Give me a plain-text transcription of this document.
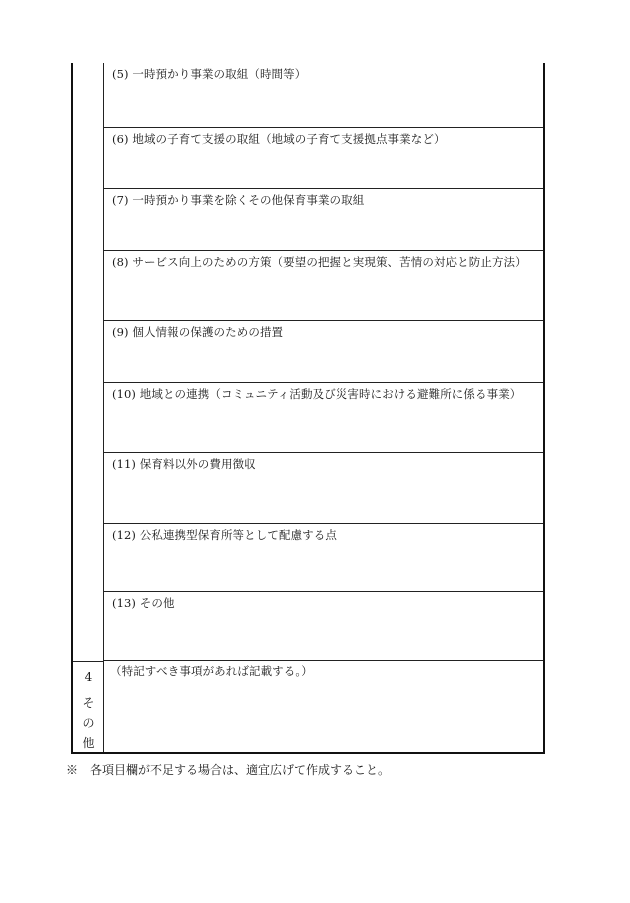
(5) 一時預かり事業の取組（時間等）
(6) 地域の子育て支援の取組（地域の子育て支援拠点事業など）
(7) 一時預かり事業を除くその他保育事業の取組
(8) サービス向上のための方策（要望の把握と実現策、苦情の対応と防止方法）
(9) 個人情報の保護のための措置
(10) 地域との連携（コミュニティ活動及び災害時における避難所に係る事業）
(11) 保育料以外の費用徴収
(12) 公私連携型保育所等として配慮する点
(13) その他
4
そ
の
他
（特記すべき事項があれば記載する。）
※　各項目欄が不足する場合は、適宜広げて作成すること。
